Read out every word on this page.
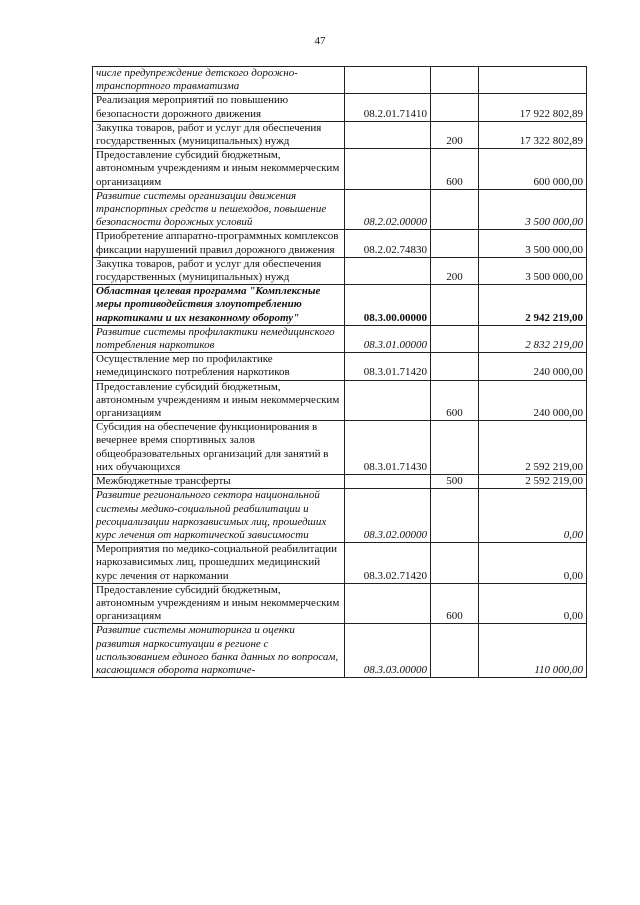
47
числе предупреждение детского дорожно-транспортного травматизма			
Реализация мероприятий по повышению безопасности дорожного движения	08.2.01.71410		17 922 802,89
Закупка товаров, работ и услуг для обеспечения государственных (муниципальных) нужд		200	17 322 802,89
Предоставление субсидий бюджетным, автономным учреждениям и иным некоммерческим организациям		600	600 000,00
Развитие системы организации движения транспортных средств и пешеходов, повышение безопасности дорожных условий	08.2.02.00000		3 500 000,00
Приобретение аппаратно-программных комплексов фиксации нарушений правил дорожного движения	08.2.02.74830		3 500 000,00
Закупка товаров, работ и услуг для обеспечения государственных (муниципальных) нужд		200	3 500 000,00
Областная целевая программа "Комплексные меры противодействия злоупотреблению наркотиками и их незаконному обороту"	08.3.00.00000		2 942 219,00
Развитие системы профилактики немедицинского потребления наркотиков	08.3.01.00000		2 832 219,00
Осуществление мер по профилактике немедицинского потребления наркотиков	08.3.01.71420		240 000,00
Предоставление субсидий бюджетным, автономным учреждениям и иным некоммерческим организациям		600	240 000,00
Субсидия на обеспечение функционирования в вечернее время спортивных залов общеобразовательных организаций для занятий в них обучающихся	08.3.01.71430		2 592 219,00
Межбюджетные трансферты		500	2 592 219,00
Развитие регионального сектора национальной системы медико-социальной реабилитации и ресоциализации наркозависимых лиц, прошедших курс лечения от наркотической зависимости	08.3.02.00000		0,00
Мероприятия по медико-социальной реабилитации наркозависимых лиц, прошедших медицинский курс лечения от наркомании	08.3.02.71420		0,00
Предоставление субсидий бюджетным, автономным учреждениям и иным некоммерческим организациям		600	0,00
Развитие системы мониторинга и оценки развития наркоситуации в регионе с использованием единого банка данных по вопросам, касающимся оборота наркотиче-	08.3.03.00000		110 000,00
